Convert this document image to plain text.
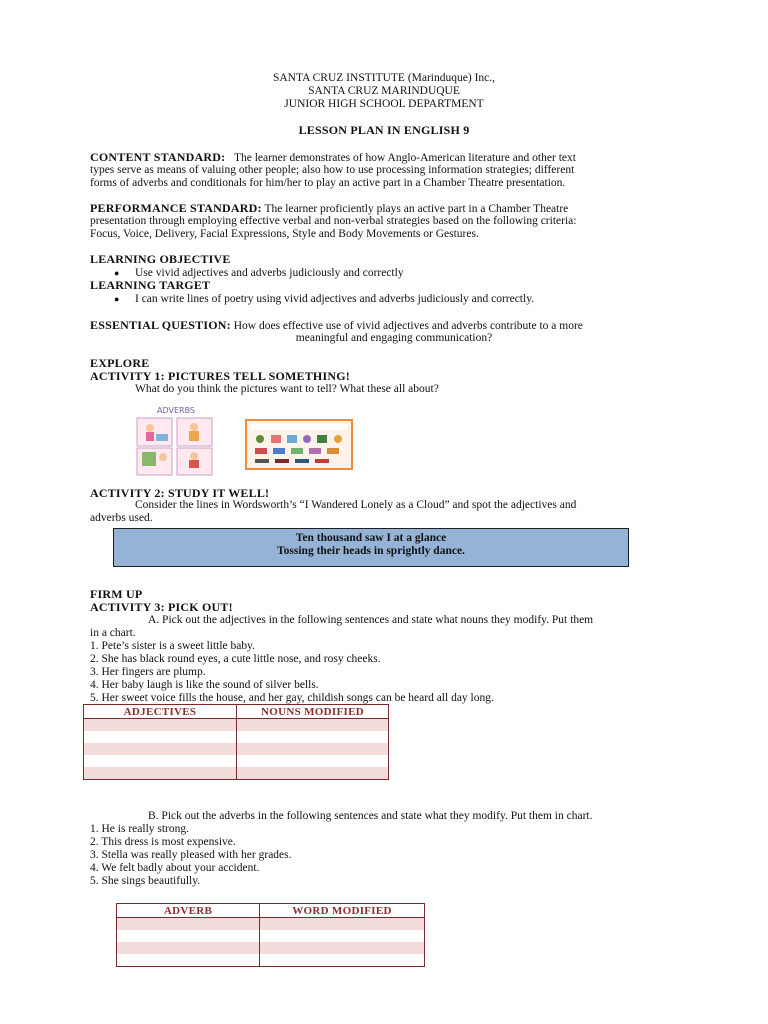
SANTA CRUZ INSTITUTE (Marinduque) Inc.,
SANTA CRUZ MARINDUQUE
JUNIOR HIGH SCHOOL DEPARTMENT
LESSON PLAN IN ENGLISH 9
CONTENT STANDARD: The learner demonstrates of how Anglo-American literature and other text
types serve as means of valuing other people; also how to use processing information strategies; different
forms of adverbs and conditionals for him/her to play an active part in a Chamber Theatre presentation.
PERFORMANCE STANDARD: The learner proficiently plays an active part in a Chamber Theatre
presentation through employing effective verbal and non-verbal strategies based on the following criteria:
Focus, Voice, Delivery, Facial Expressions, Style and Body Movements or Gestures.
LEARNING OBJECTIVE
● Use vivid adjectives and adverbs judiciously and correctly
LEARNING TARGET
● I can write lines of poetry using vivid adjectives and adverbs judiciously and correctly.
ESSENTIAL QUESTION: How does effective use of vivid adjectives and adverbs contribute to a more
meaningful and engaging communication?
EXPLORE
ACTIVITY 1: PICTURES TELL SOMETHING!
What do you think the pictures want to tell? What these all about?
ADVERBS
ACTIVITY 2: STUDY IT WELL!
Consider the lines in Wordsworth’s “I Wandered Lonely as a Cloud” and spot the adjectives and
adverbs used.
Ten thousand saw I at a glance
Tossing their heads in sprightly dance.
FIRM UP
ACTIVITY 3: PICK OUT!
A. Pick out the adjectives in the following sentences and state what nouns they modify. Put them
in a chart.
1. Pete’s sister is a sweet little baby.
2. She has black round eyes, a cute little nose, and rosy cheeks.
3. Her fingers are plump.
4. Her baby laugh is like the sound of silver bells.
5. Her sweet voice fills the house, and her gay, childish songs can be heard all day long.
ADJECTIVES	NOUNS MODIFIED

B. Pick out the adverbs in the following sentences and state what they modify. Put them in chart.
1. He is really strong.
2. This dress is most expensive.
3. Stella was really pleased with her grades.
4. We felt badly about your accident.
5. She sings beautifully.
ADVERB	WORD MODIFIED
